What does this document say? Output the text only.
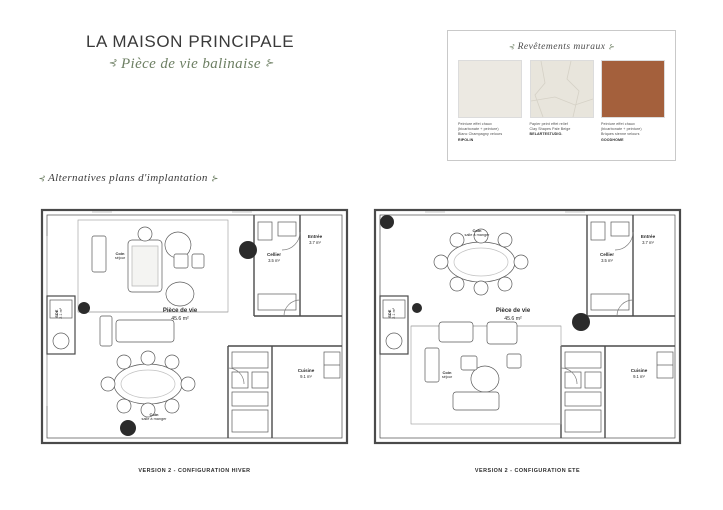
LA MAISON PRINCIPALE
⊰ Pièce de vie balinaise ⊱
⊰ Revêtements muraux ⊱
Peinture effet chaux
(bicarbonate + peinture)
Blanc Champagny velours
RIPOLIN
Papier peint effet relief
Clay Shapes Pale Beige
BELARTESTUDIO.
Peinture effet chaux
(bicarbonate + peinture)
Briques sienne velours
GOODHOME
⊰ Alternatives plans d'implantation ⊱
Pièce de vie
45.6 m²
Entrée
3.7 m²
Cellier
3.5 m²
Cuisine
9.1 m²
Coin
séjour
Coin
salle à manger
SDE 2.1 m²
VERSION 2 - CONFIGURATION HIVER
Pièce de vie
45.6 m²
Entrée
3.7 m²
Cellier
3.5 m²
Cuisine
9.1 m²
Coin
salle à manger
Coin
séjour
SDE 2.1 m²
VERSION 2 - CONFIGURATION ETE
